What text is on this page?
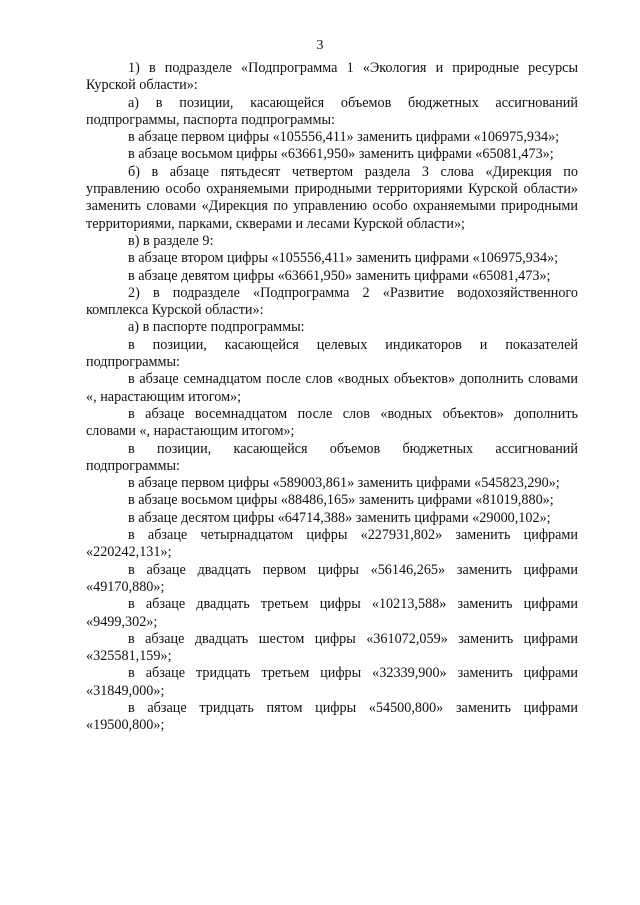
3

1) в подразделе «Подпрограмма 1 «Экология и природные ресурсы Курской области»:

а) в позиции, касающейся объемов бюджетных ассигнований подпрограммы, паспорта подпрограммы:

в абзаце первом цифры «105556,411» заменить цифрами «106975,934»;

в абзаце восьмом цифры «63661,950» заменить цифрами «65081,473»;

б) в абзаце пятьдесят четвертом раздела 3 слова «Дирекция по управлению особо охраняемыми природными территориями Курской области» заменить словами «Дирекция по управлению особо охраняемыми природными территориями, парками, скверами и лесами Курской области»;

в) в разделе 9:

в абзаце втором цифры «105556,411» заменить цифрами «106975,934»;

в абзаце девятом цифры «63661,950» заменить цифрами «65081,473»;

2) в подразделе «Подпрограмма 2 «Развитие водохозяйственного комплекса Курской области»:

а) в паспорте подпрограммы:

в позиции, касающейся целевых индикаторов и показателей подпрограммы:

в абзаце семнадцатом после слов «водных объектов» дополнить словами «, нарастающим итогом»;

в абзаце восемнадцатом после слов «водных объектов» дополнить словами «, нарастающим итогом»;

в позиции, касающейся объемов бюджетных ассигнований подпрограммы:

в абзаце первом цифры «589003,861» заменить цифрами «545823,290»;

в абзаце восьмом цифры «88486,165» заменить цифрами «81019,880»;

в абзаце десятом цифры «64714,388» заменить цифрами «29000,102»;

в абзаце четырнадцатом цифры «227931,802» заменить цифрами «220242,131»;

в абзаце двадцать первом цифры «56146,265» заменить цифрами «49170,880»;

в абзаце двадцать третьем цифры «10213,588» заменить цифрами «9499,302»;

в абзаце двадцать шестом цифры «361072,059» заменить цифрами «325581,159»;

в абзаце тридцать третьем цифры «32339,900» заменить цифрами «31849,000»;

в абзаце тридцать пятом цифры «54500,800» заменить цифрами «19500,800»;
